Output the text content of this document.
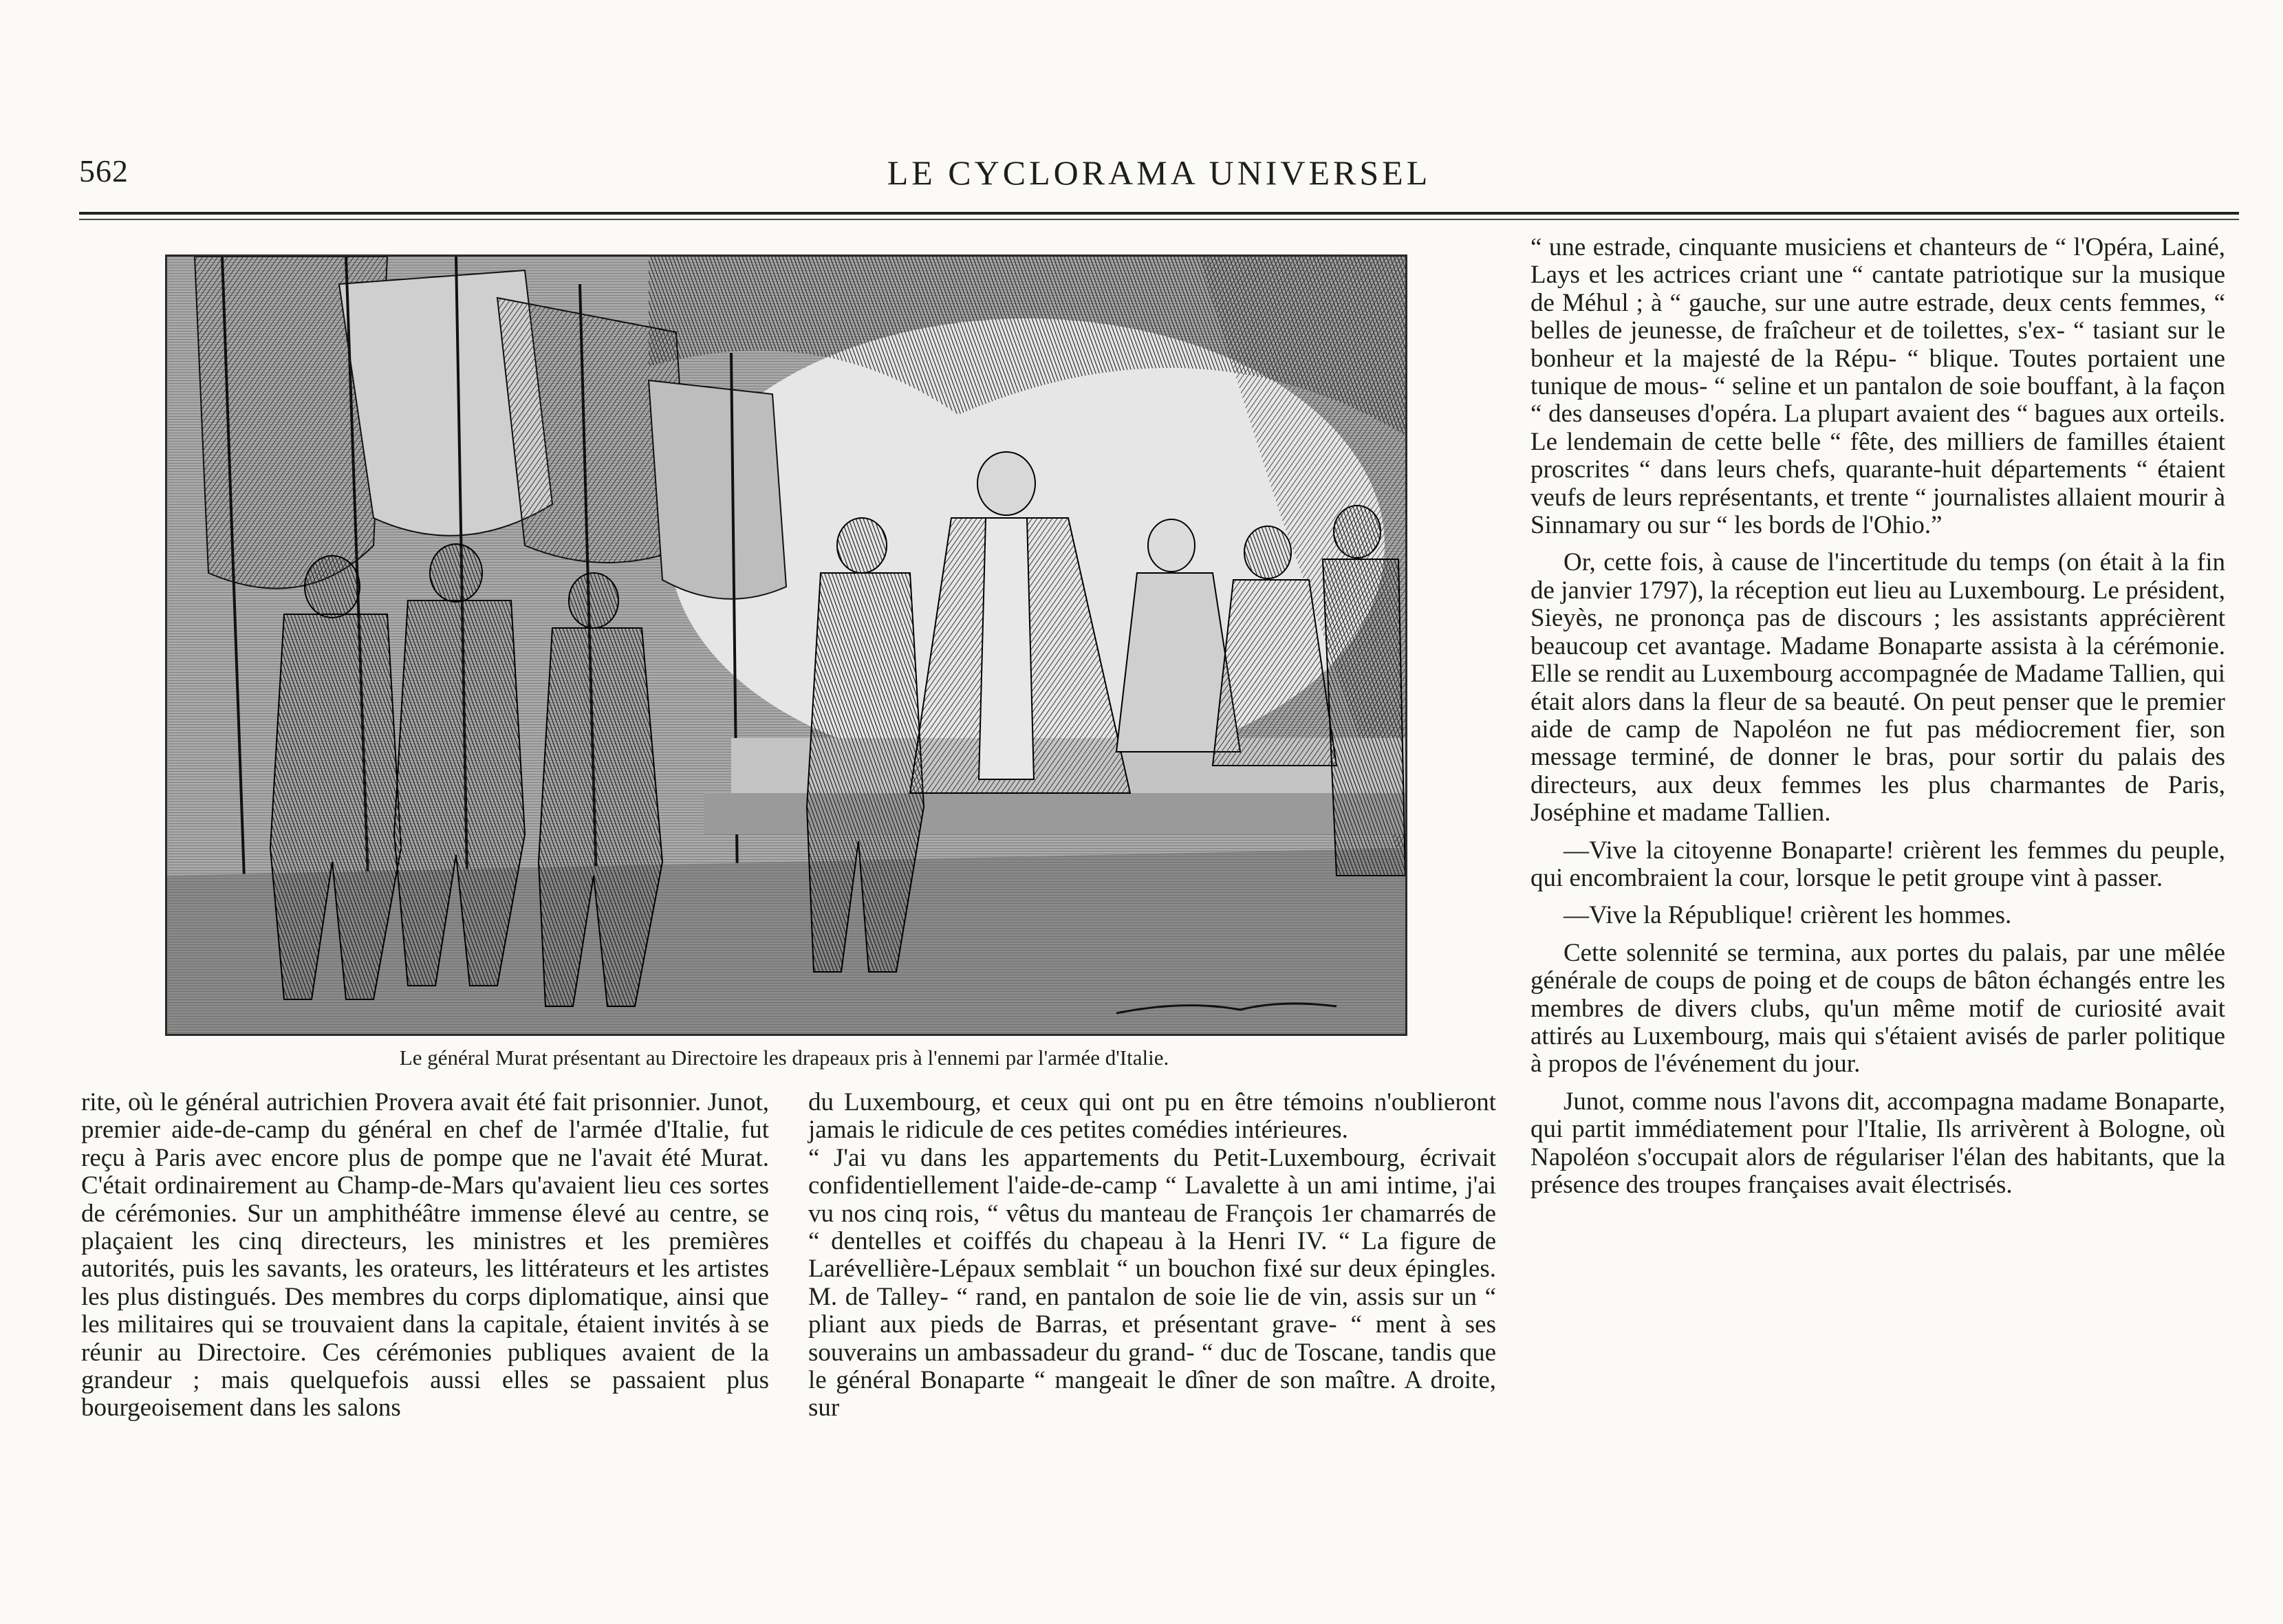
562	LE CYCLORAMA UNIVERSEL
Le général Murat présentant au Directoire les drapeaux pris à l'ennemi par l'armée d'Italie.

rite, où le général autrichien Provera avait été fait prisonnier. Junot, premier aide-de-camp du général en chef de l'armée d'Italie, fut reçu à Paris avec encore plus de pompe que ne l'avait été Murat. C'était ordinairement au Champ-de-Mars qu'avaient lieu ces sortes de cérémonies. Sur un amphithéâtre immense élevé au centre, se plaçaient les cinq directeurs, les ministres et les premières autorités, puis les savants, les orateurs, les littérateurs et les artistes les plus distingués. Des membres du corps diplomatique, ainsi que les militaires qui se trouvaient dans la capitale, étaient invités à se réunir au Directoire. Ces cérémonies publiques avaient de la grandeur ; mais quelquefois aussi elles se passaient plus bourgeoisement dans les salons

du Luxembourg, et ceux qui ont pu en être témoins n'oublieront jamais le ridicule de ces petites comédies intérieures.

“ J'ai vu dans les appartements du Petit-Luxembourg, écrivait confidentiellement l'aide-de-camp “ Lavalette à un ami intime, j'ai vu nos cinq rois, “ vêtus du manteau de François 1er chamarrés de “ dentelles et coiffés du chapeau à la Henri IV. “ La figure de Larévellière-Lépaux semblait “ un bouchon fixé sur deux épingles. M. de Talley- “ rand, en pantalon de soie lie de vin, assis sur un “ pliant aux pieds de Barras, et présentant grave- “ ment à ses souverains un ambassadeur du grand- “ duc de Toscane, tandis que le général Bonaparte “ mangeait le dîner de son maître. A droite, sur

“ une estrade, cinquante musiciens et chanteurs de “ l'Opéra, Lainé, Lays et les actrices criant une “ cantate patriotique sur la musique de Méhul ; à “ gauche, sur une autre estrade, deux cents femmes, “ belles de jeunesse, de fraîcheur et de toilettes, s'ex- “ tasiant sur le bonheur et la majesté de la Répu- “ blique. Toutes portaient une tunique de mous- “ seline et un pantalon de soie bouffant, à la façon “ des danseuses d'opéra. La plupart avaient des “ bagues aux orteils. Le lendemain de cette belle “ fête, des milliers de familles étaient proscrites “ dans leurs chefs, quarante-huit départements “ étaient veufs de leurs représentants, et trente “ journalistes allaient mourir à Sinnamary ou sur “ les bords de l'Ohio.”

Or, cette fois, à cause de l'incertitude du temps (on était à la fin de janvier 1797), la réception eut lieu au Luxembourg. Le président, Sieyès, ne prononça pas de discours ; les assistants apprécièrent beaucoup cet avantage. Madame Bonaparte assista à la cérémonie. Elle se rendit au Luxembourg accompagnée de Madame Tallien, qui était alors dans la fleur de sa beauté. On peut penser que le premier aide de camp de Napoléon ne fut pas médiocrement fier, son message terminé, de donner le bras, pour sortir du palais des directeurs, aux deux femmes les plus charmantes de Paris, Joséphine et madame Tallien.

—Vive la citoyenne Bonaparte! crièrent les femmes du peuple, qui encombraient la cour, lorsque le petit groupe vint à passer.

—Vive la République! crièrent les hommes.

Cette solennité se termina, aux portes du palais, par une mêlée générale de coups de poing et de coups de bâton échangés entre les membres de divers clubs, qu'un même motif de curiosité avait attirés au Luxembourg, mais qui s'étaient avisés de parler politique à propos de l'événement du jour.

Junot, comme nous l'avons dit, accompagna madame Bonaparte, qui partit immédiatement pour l'Italie, Ils arrivèrent à Bologne, où Napoléon s'occupait alors de régulariser l'élan des habitants, que la présence des troupes françaises avait électrisés.
